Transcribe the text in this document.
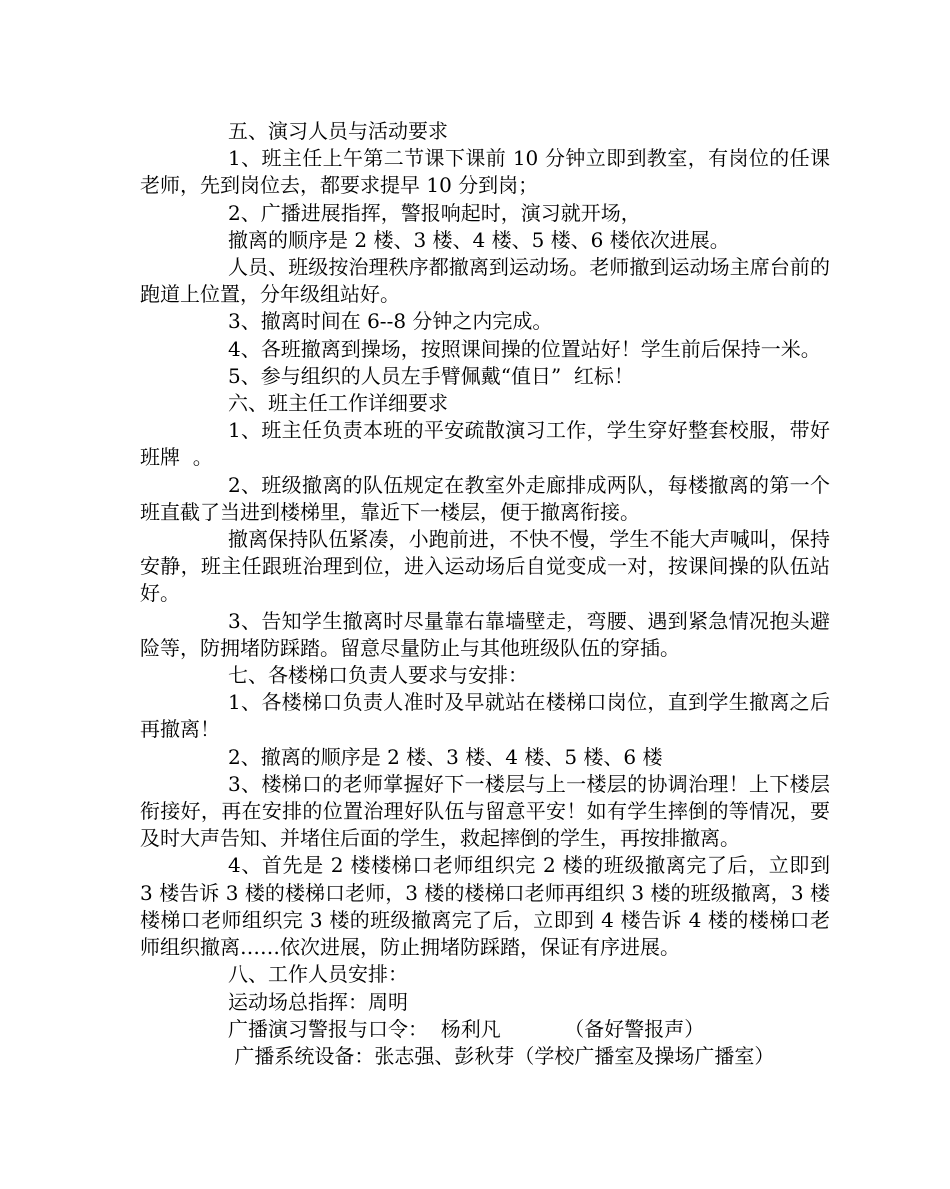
五、演习人员与活动要求

1、班主任上午第二节课下课前 10 分钟立即到教室，有岗位的任课老师，先到岗位去，都要求提早 10 分到岗；

2、广播进展指挥，警报响起时，演习就开场，

撤离的顺序是 2 楼、3 楼、4 楼、5 楼、6 楼依次进展。

人员、班级按治理秩序都撤离到运动场。老师撤到运动场主席台前的跑道上位置，分年级组站好。

3、撤离时间在 6--8 分钟之内完成。

4、各班撤离到操场，按照课间操的位置站好！学生前后保持一米。

5、参与组织的人员左手臂佩戴“值日”  红标！

六、班主任工作详细要求

1、班主任负责本班的平安疏散演习工作，学生穿好整套校服，带好班牌  。

2、班级撤离的队伍规定在教室外走廊排成两队，每楼撤离的第一个班直截了当进到楼梯里，靠近下一楼层，便于撤离衔接。

撤离保持队伍紧凑，小跑前进，不快不慢，学生不能大声喊叫，保持安静，班主任跟班治理到位，进入运动场后自觉变成一对，按课间操的队伍站好。

3、告知学生撤离时尽量靠右靠墙壁走，弯腰、遇到紧急情况抱头避险等，防拥堵防踩踏。留意尽量防止与其他班级队伍的穿插。

七、各楼梯口负责人要求与安排：

1、各楼梯口负责人准时及早就站在楼梯口岗位，直到学生撤离之后再撤离！

2、撤离的顺序是 2 楼、3 楼、4 楼、5 楼、6 楼

3、楼梯口的老师掌握好下一楼层与上一楼层的协调治理！上下楼层衔接好，再在安排的位置治理好队伍与留意平安！如有学生摔倒的等情况，要及时大声告知、并堵住后面的学生，救起摔倒的学生，再按排撤离。

4、首先是 2 楼楼梯口老师组织完 2 楼的班级撤离完了后，立即到 3 楼告诉 3 楼的楼梯口老师，3 楼的楼梯口老师再组织 3 楼的班级撤离，3 楼楼梯口老师组织完 3 楼的班级撤离完了后，立即到 4 楼告诉 4 楼的楼梯口老师组织撤离……依次进展，防止拥堵防踩踏，保证有序进展。

八、工作人员安排：

运动场总指挥：周明

广播演习警报与口令：  杨利凡          （备好警报声）

广播系统设备：张志强、彭秋芽（学校广播室及操场广播室）
